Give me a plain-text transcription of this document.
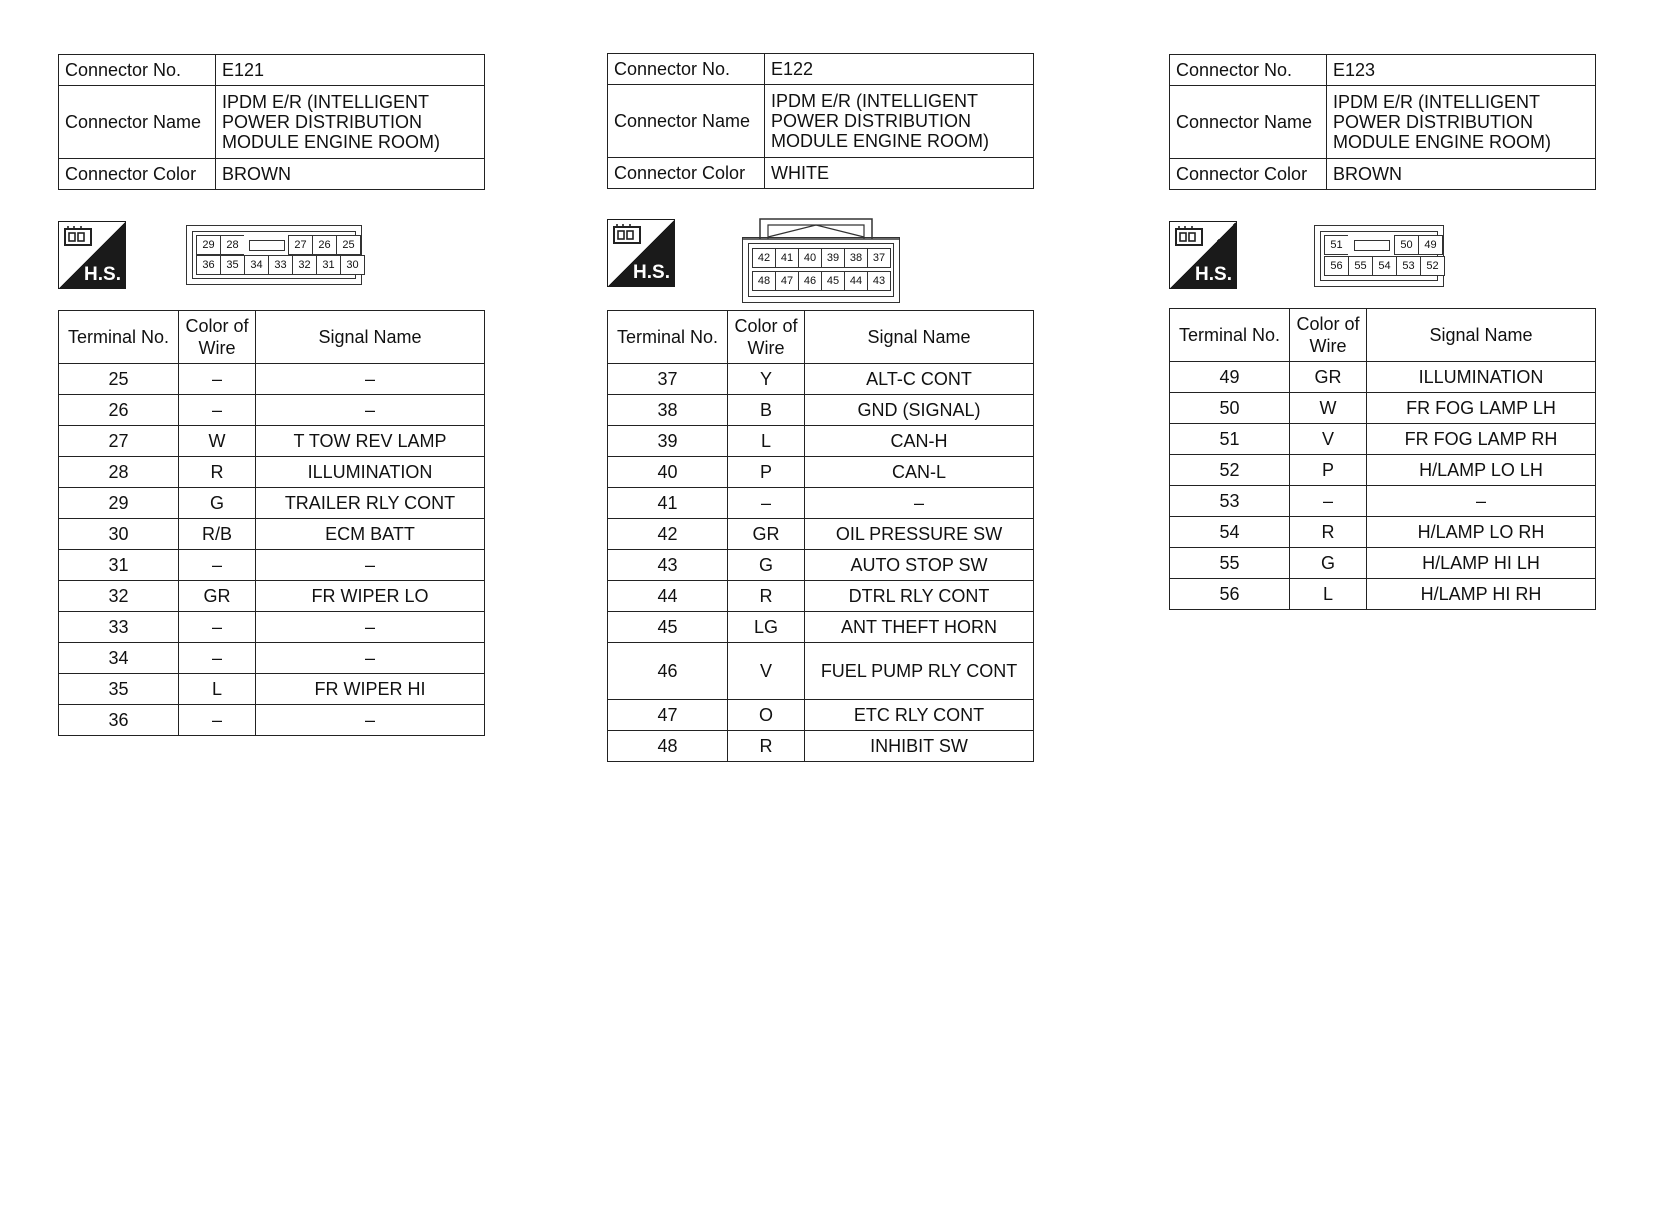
Connector No.	E121
Connector Name	IPDM E/R (INTELLIGENT POWER DISTRIBUTION MODULE ENGINE ROOM)
Connector Color	BROWN
H.S.
29	28	27	26	25
36	35	34	33	32	31	30
Terminal No.	Color of Wire	Signal Name
25	–	–
26	–	–
27	W	T TOW REV LAMP
28	R	ILLUMINATION
29	G	TRAILER RLY CONT
30	R/B	ECM BATT
31	–	–
32	GR	FR WIPER LO
33	–	–
34	–	–
35	L	FR WIPER HI
36	–	–
Connector No.	E122
Connector Name	IPDM E/R (INTELLIGENT POWER DISTRIBUTION MODULE ENGINE ROOM)
Connector Color	WHITE
H.S.
42 41 40 39 38 37
48 47 46 45 44 43
Terminal No.	Color of Wire	Signal Name
37	Y	ALT-C CONT
38	B	GND (SIGNAL)
39	L	CAN-H
40	P	CAN-L
41	–	–
42	GR	OIL PRESSURE SW
43	G	AUTO STOP SW
44	R	DTRL RLY CONT
45	LG	ANT THEFT HORN
46	V	FUEL PUMP RLY CONT
47	O	ETC RLY CONT
48	R	INHIBIT SW
Connector No.	E123
Connector Name	IPDM E/R (INTELLIGENT POWER DISTRIBUTION MODULE ENGINE ROOM)
Connector Color	BROWN
H.S.
51	50	49
56	55	54	53	52
Terminal No.	Color of Wire	Signal Name
49	GR	ILLUMINATION
50	W	FR FOG LAMP LH
51	V	FR FOG LAMP RH
52	P	H/LAMP LO LH
53	–	–
54	R	H/LAMP LO RH
55	G	H/LAMP HI LH
56	L	H/LAMP HI RH
